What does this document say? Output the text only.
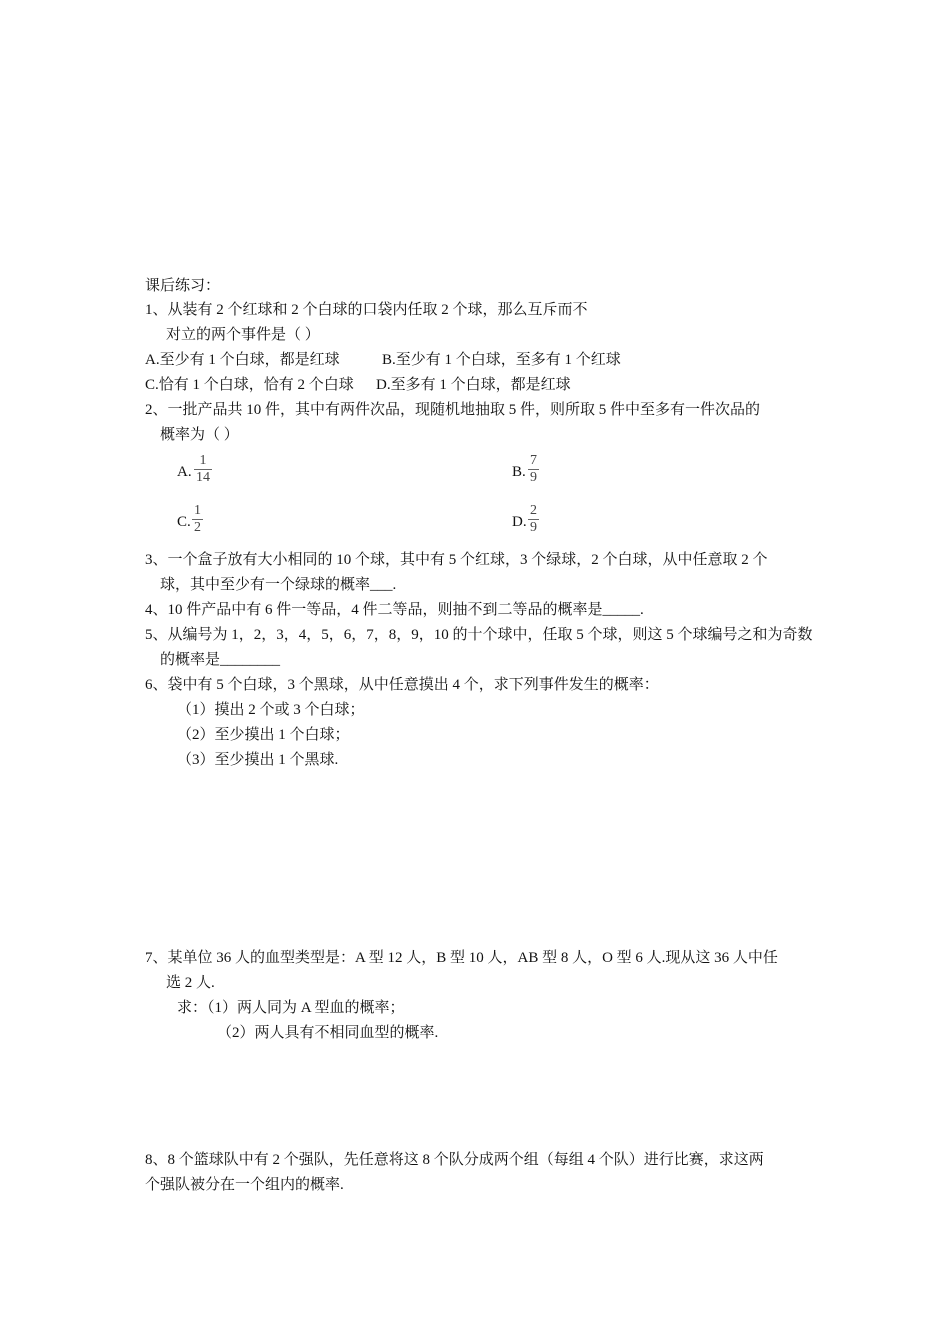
课后练习：
1、从装有 2 个红球和 2 个白球的口袋内任取 2 个球，那么互斥而不
对立的两个事件是（ ）
A.至少有 1 个白球，都是红球	B.至少有 1 个白球，至多有 1 个红球
C.恰有 1 个白球，恰有 2 个白球 D.至多有 1 个白球，都是红球
2、一批产品共 10 件，其中有两件次品，现随机地抽取 5 件，则所取 5 件中至多有一件次品的
概率为（ ）
A.
1
14	B.
7
9
C.
1
2	D.
2
9
3、一个盒子放有大小相同的 10 个球，其中有 5 个红球，3 个绿球，2 个白球，从中任意取 2 个
球，其中至少有一个绿球的概率___.
4、10 件产品中有 6 件一等品，4 件二等品，则抽不到二等品的概率是_____.
5、从编号为 1，2，3，4，5，6，7，8，9，10 的十个球中，任取 5 个球，则这 5 个球编号之和为奇数
的概率是________
6、袋中有 5 个白球，3 个黑球，从中任意摸出 4 个，求下列事件发生的概率：
（1）摸出 2 个或 3 个白球；
（2）至少摸出 1 个白球；
（3）至少摸出 1 个黑球.
7、某单位 36 人的血型类型是：A 型 12 人，B 型 10 人，AB 型 8 人，O 型 6 人.现从这 36 人中任
选 2 人.
求：（1）两人同为 A 型血的概率；
（2）两人具有不相同血型的概率.
8、8 个篮球队中有 2 个强队，先任意将这 8 个队分成两个组（每组 4 个队）进行比赛，求这两
个强队被分在一个组内的概率.
